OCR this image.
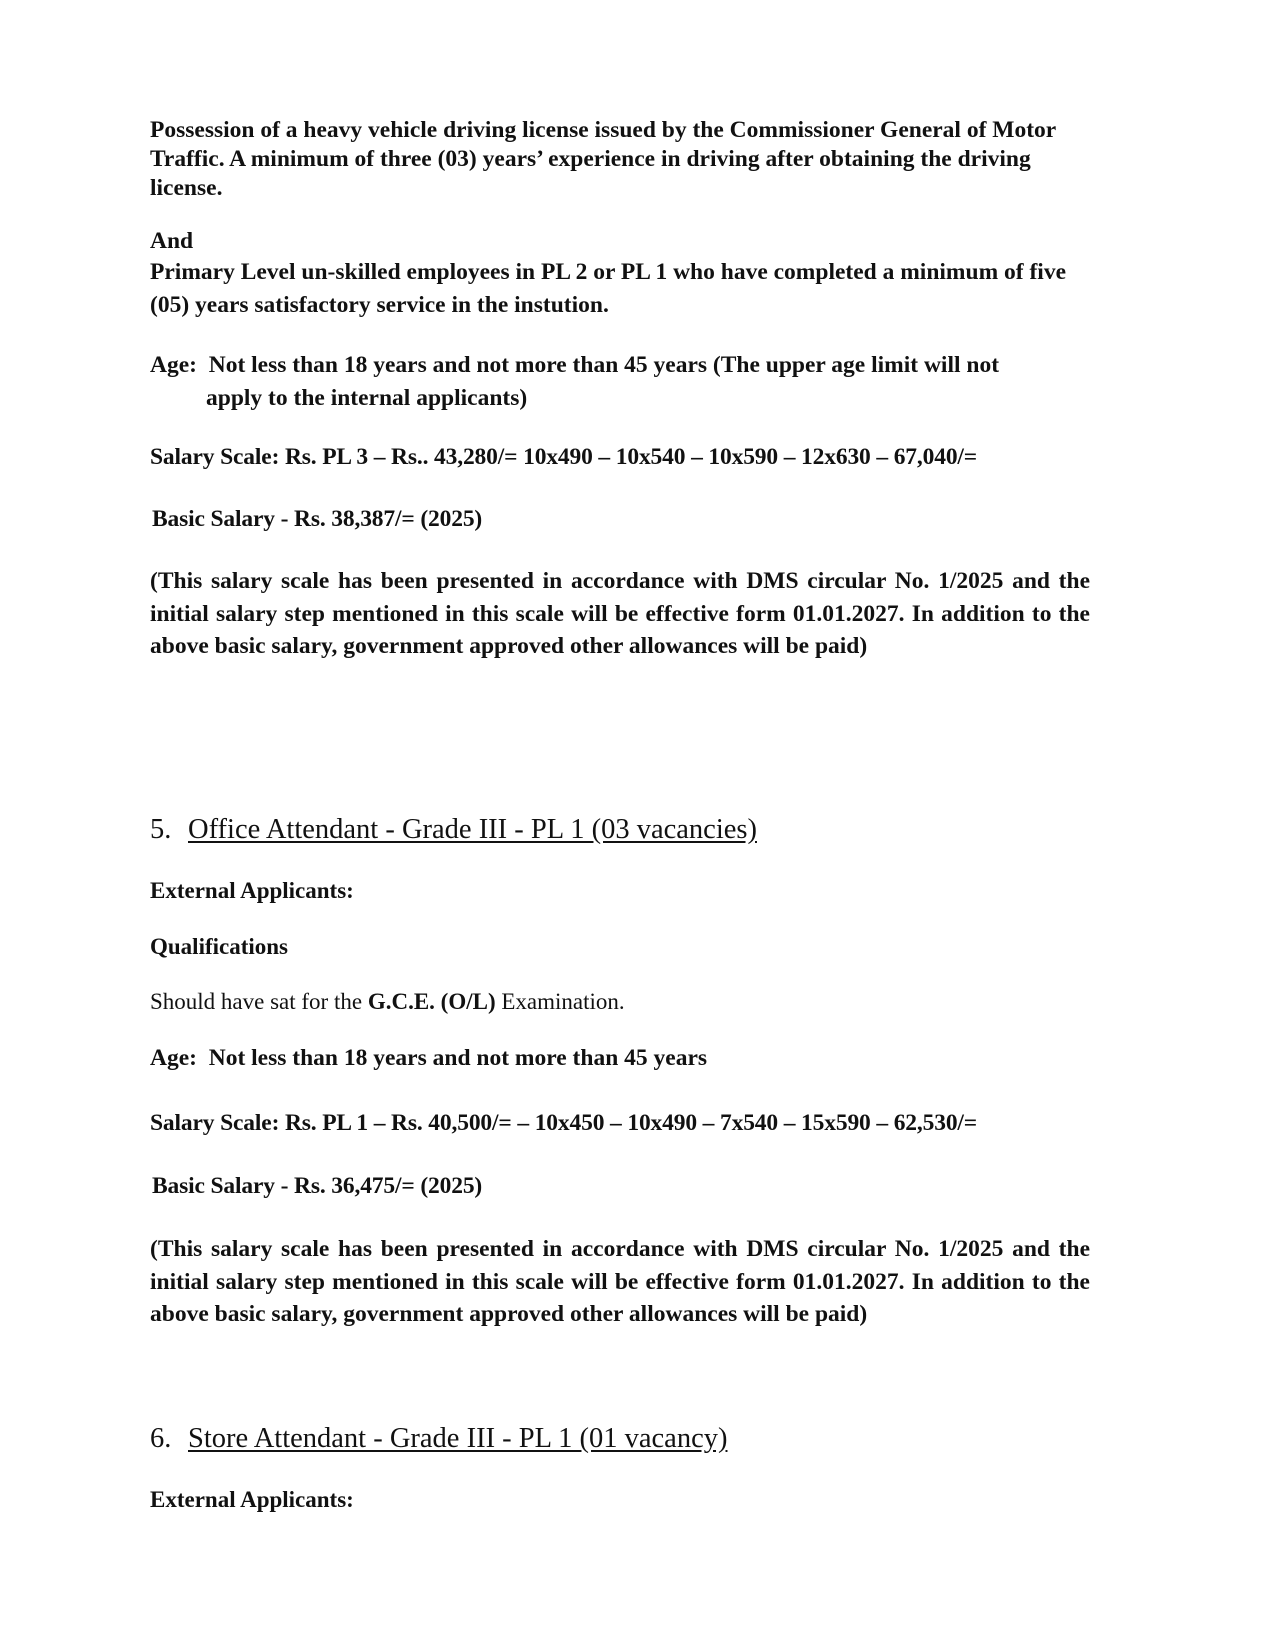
Possession of a heavy vehicle driving license issued by the Commissioner General of Motor Traffic. A minimum of three (03) years’ experience in driving after obtaining the driving license.

And

Primary Level un-skilled employees in PL 2 or PL 1 who have completed a minimum of five (05) years satisfactory service in the instution.

Age: Not less than 18 years and not more than 45 years (The upper age limit will not
apply to the internal applicants)

Salary Scale: Rs. PL 3 – Rs.. 43,280/= 10x490 – 10x540 – 10x590 – 12x630 – 67,040/=

Basic Salary - Rs. 38,387/= (2025)

(This salary scale has been presented in accordance with DMS circular No. 1/2025 and the initial salary step mentioned in this scale will be effective form 01.01.2027. In addition to the above basic salary, government approved other allowances will be paid)

5. Office Attendant - Grade III - PL 1 (03 vacancies)

External Applicants:

Qualifications

Should have sat for the G.C.E. (O/L) Examination.

Age: Not less than 18 years and not more than 45 years

Salary Scale: Rs. PL 1 – Rs. 40,500/= – 10x450 – 10x490 – 7x540 – 15x590 – 62,530/=

Basic Salary - Rs. 36,475/= (2025)

(This salary scale has been presented in accordance with DMS circular No. 1/2025 and the initial salary step mentioned in this scale will be effective form 01.01.2027. In addition to the above basic salary, government approved other allowances will be paid)

6. Store Attendant - Grade III - PL 1 (01 vacancy)

External Applicants:
